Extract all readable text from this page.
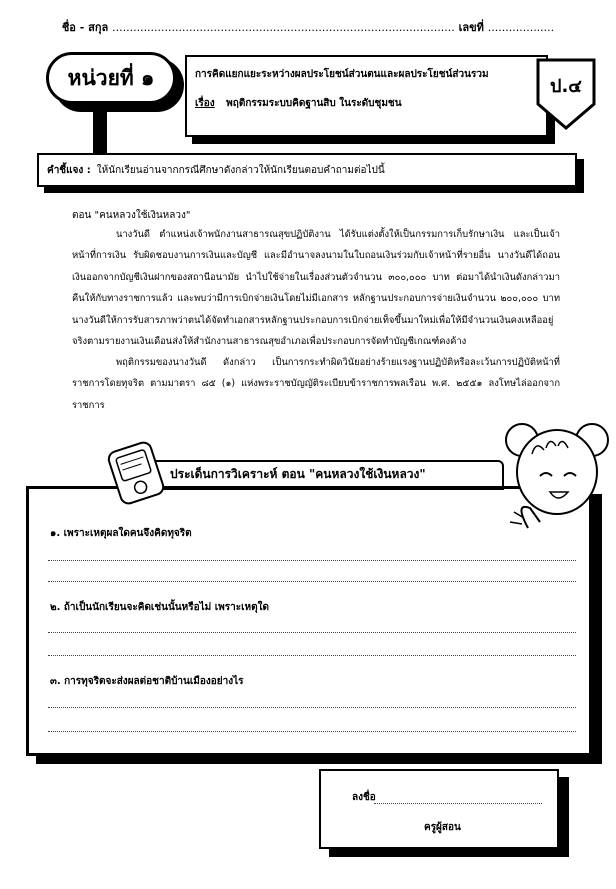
ชื่อ - สกุล .................................................................................................. เลขที่ ...................
หน่วยที่ ๑	การคิดแยกแยะระหว่างผลประโยชน์ส่วนตนและผลประโยชน์ส่วนรวม
เรื่อง พฤติกรรมระบบคิดฐานสิบ ในระดับชุมชน
ป.๔
คำชี้แจง : ให้นักเรียนอ่านจากกรณีศึกษาดังกล่าวให้นักเรียนตอบคำถามต่อไปนี้
ตอน "คนหลวงใช้เงินหลวง"
นางวันดี ตำแหน่งเจ้าพนักงานสาธารณสุขปฏิบัติงาน ได้รับแต่งตั้งให้เป็นกรรมการเก็บรักษาเงิน และเป็นเจ้าหน้าที่การเงิน รับผิดชอบงานการเงินและบัญชี และมีอำนาจลงนามในใบถอนเงินร่วมกับเจ้าหน้าที่รายอื่น นางวันดีได้ถอนเงินออกจากบัญชีเงินฝากของสถานีอนามัย นำไปใช้จ่ายในเรื่องส่วนตัวจำนวน ๓๐๐,๐๐๐ บาท ต่อมาได้นำเงินดังกล่าวมาคืนให้กับทางราชการแล้ว และพบว่ามีการเบิกจ่ายเงินโดยไม่มีเอกสาร หลักฐานประกอบการจ่ายเงินจำนวน ๒๐๐,๐๐๐ บาท นางวันดีให้การรับสารภาพว่าตนได้จัดทำเอกสารหลักฐานประกอบการเบิกจ่ายเท็จขึ้นมาใหม่เพื่อให้มีจำนวนเงินคงเหลืออยู่จริงตามรายงานเงินเดือนส่งให้สำนักงานสาธารณสุขอำเภอเพื่อประกอบการจัดทำบัญชีเกณฑ์คงค้าง
พฤติกรรมของนางวันดี ดังกล่าว เป็นการกระทำผิดวินัยอย่างร้ายแรงฐานปฏิบัติหรือละเว้นการปฏิบัติหน้าที่ราชการโดยทุจริต ตามมาตรา ๘๕ (๑) แห่งพระราชบัญญัติระเบียบข้าราชการพลเรือน พ.ศ. ๒๕๕๑ ลงโทษไล่ออกจากราชการ
ประเด็นการวิเคราะห์ ตอน "คนหลวงใช้เงินหลวง"
๑. เพราะเหตุผลใดคนจึงคิดทุจริต
๒. ถ้าเป็นนักเรียนจะคิดเช่นนั้นหรือไม่ เพราะเหตุใด
๓. การทุจริตจะส่งผลต่อชาติบ้านเมืองอย่างไร
ลงชื่อ
ครูผู้สอน
